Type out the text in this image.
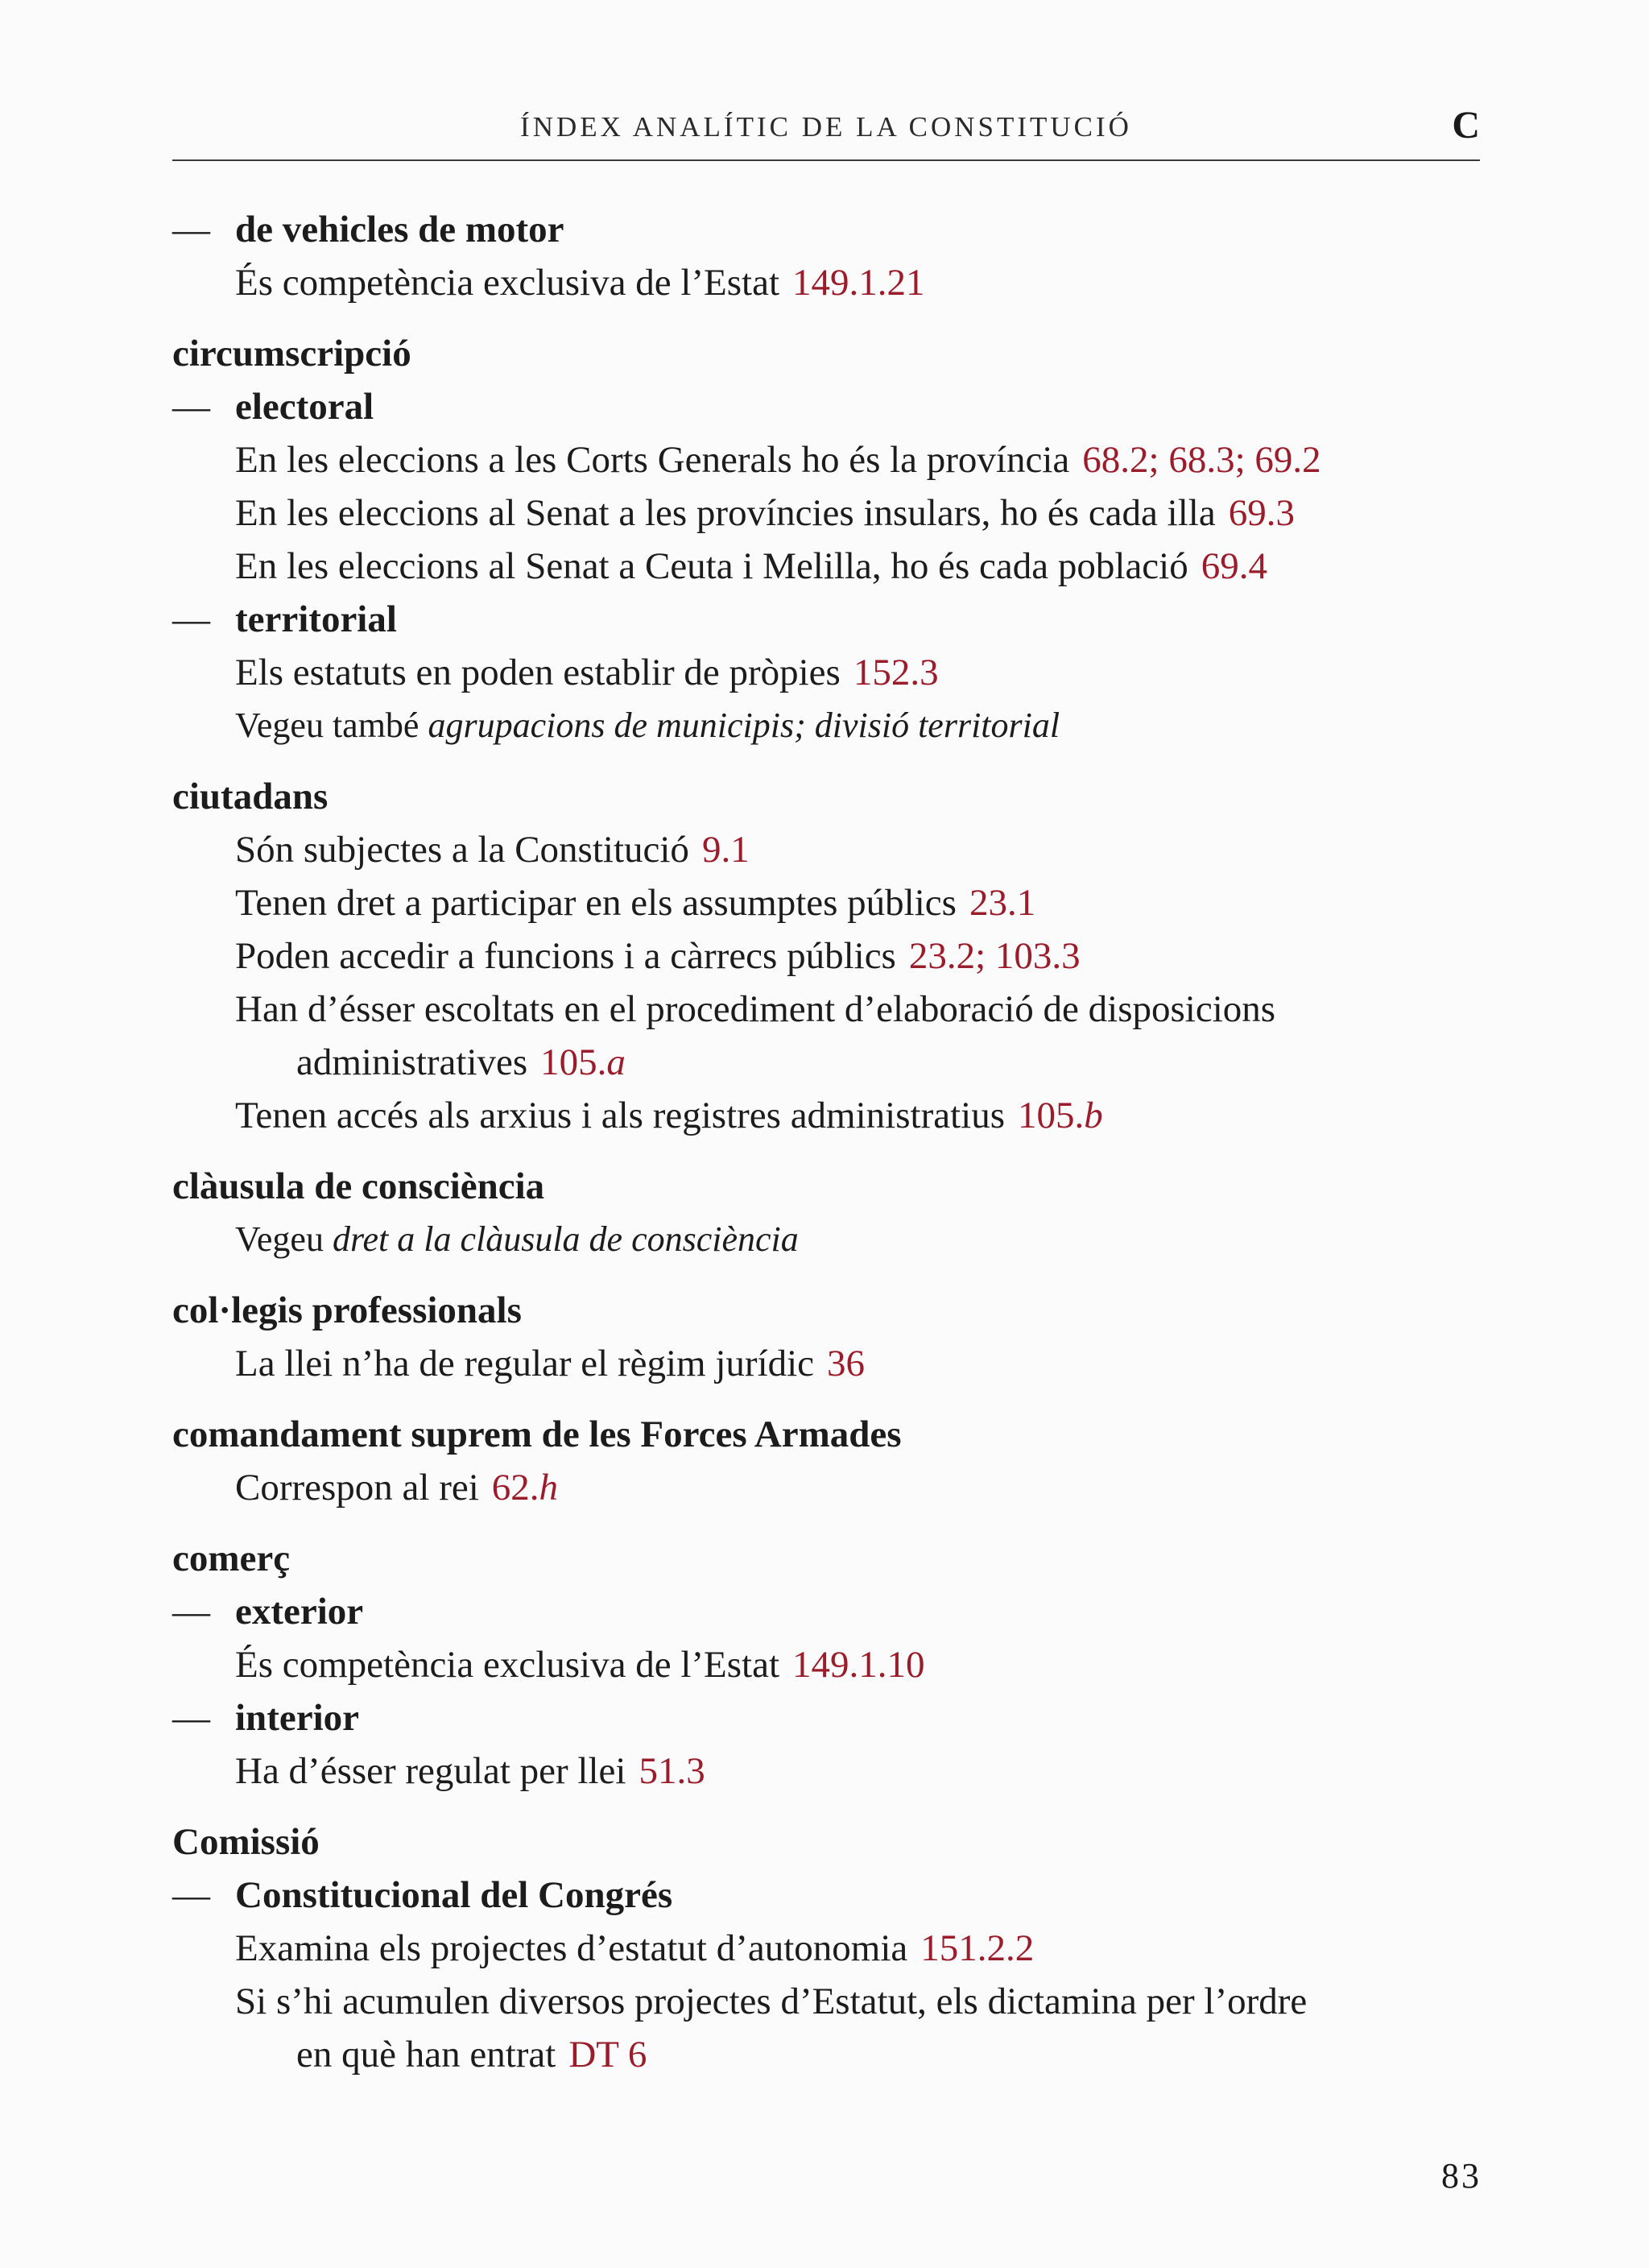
ÍNDEX ANALÍTIC DE LA CONSTITUCIÓ	C
— de vehicles de motor
És competència exclusiva de l’Estat 149.1.21
circumscripció
— electoral
En les eleccions a les Corts Generals ho és la província 68.2; 68.3; 69.2
En les eleccions al Senat a les províncies insulars, ho és cada illa 69.3
En les eleccions al Senat a Ceuta i Melilla, ho és cada població 69.4
— territorial
Els estatuts en poden establir de pròpies 152.3
Vegeu també agrupacions de municipis; divisió territorial
ciutadans
Són subjectes a la Constitució 9.1
Tenen dret a participar en els assumptes públics 23.1
Poden accedir a funcions i a càrrecs públics 23.2; 103.3
Han d’ésser escoltats en el procediment d’elaboració de disposicions
administratives 105.a
Tenen accés als arxius i als registres administratius 105.b
clàusula de consciència
Vegeu dret a la clàusula de consciència
col·legis professionals
La llei n’ha de regular el règim jurídic 36
comandament suprem de les Forces Armades
Correspon al rei 62.h
comerç
— exterior
És competència exclusiva de l’Estat 149.1.10
— interior
Ha d’ésser regulat per llei 51.3
Comissió
— Constitucional del Congrés
Examina els projectes d’estatut d’autonomia 151.2.2
Si s’hi acumulen diversos projectes d’Estatut, els dictamina per l’ordre
en què han entrat DT 6
83
